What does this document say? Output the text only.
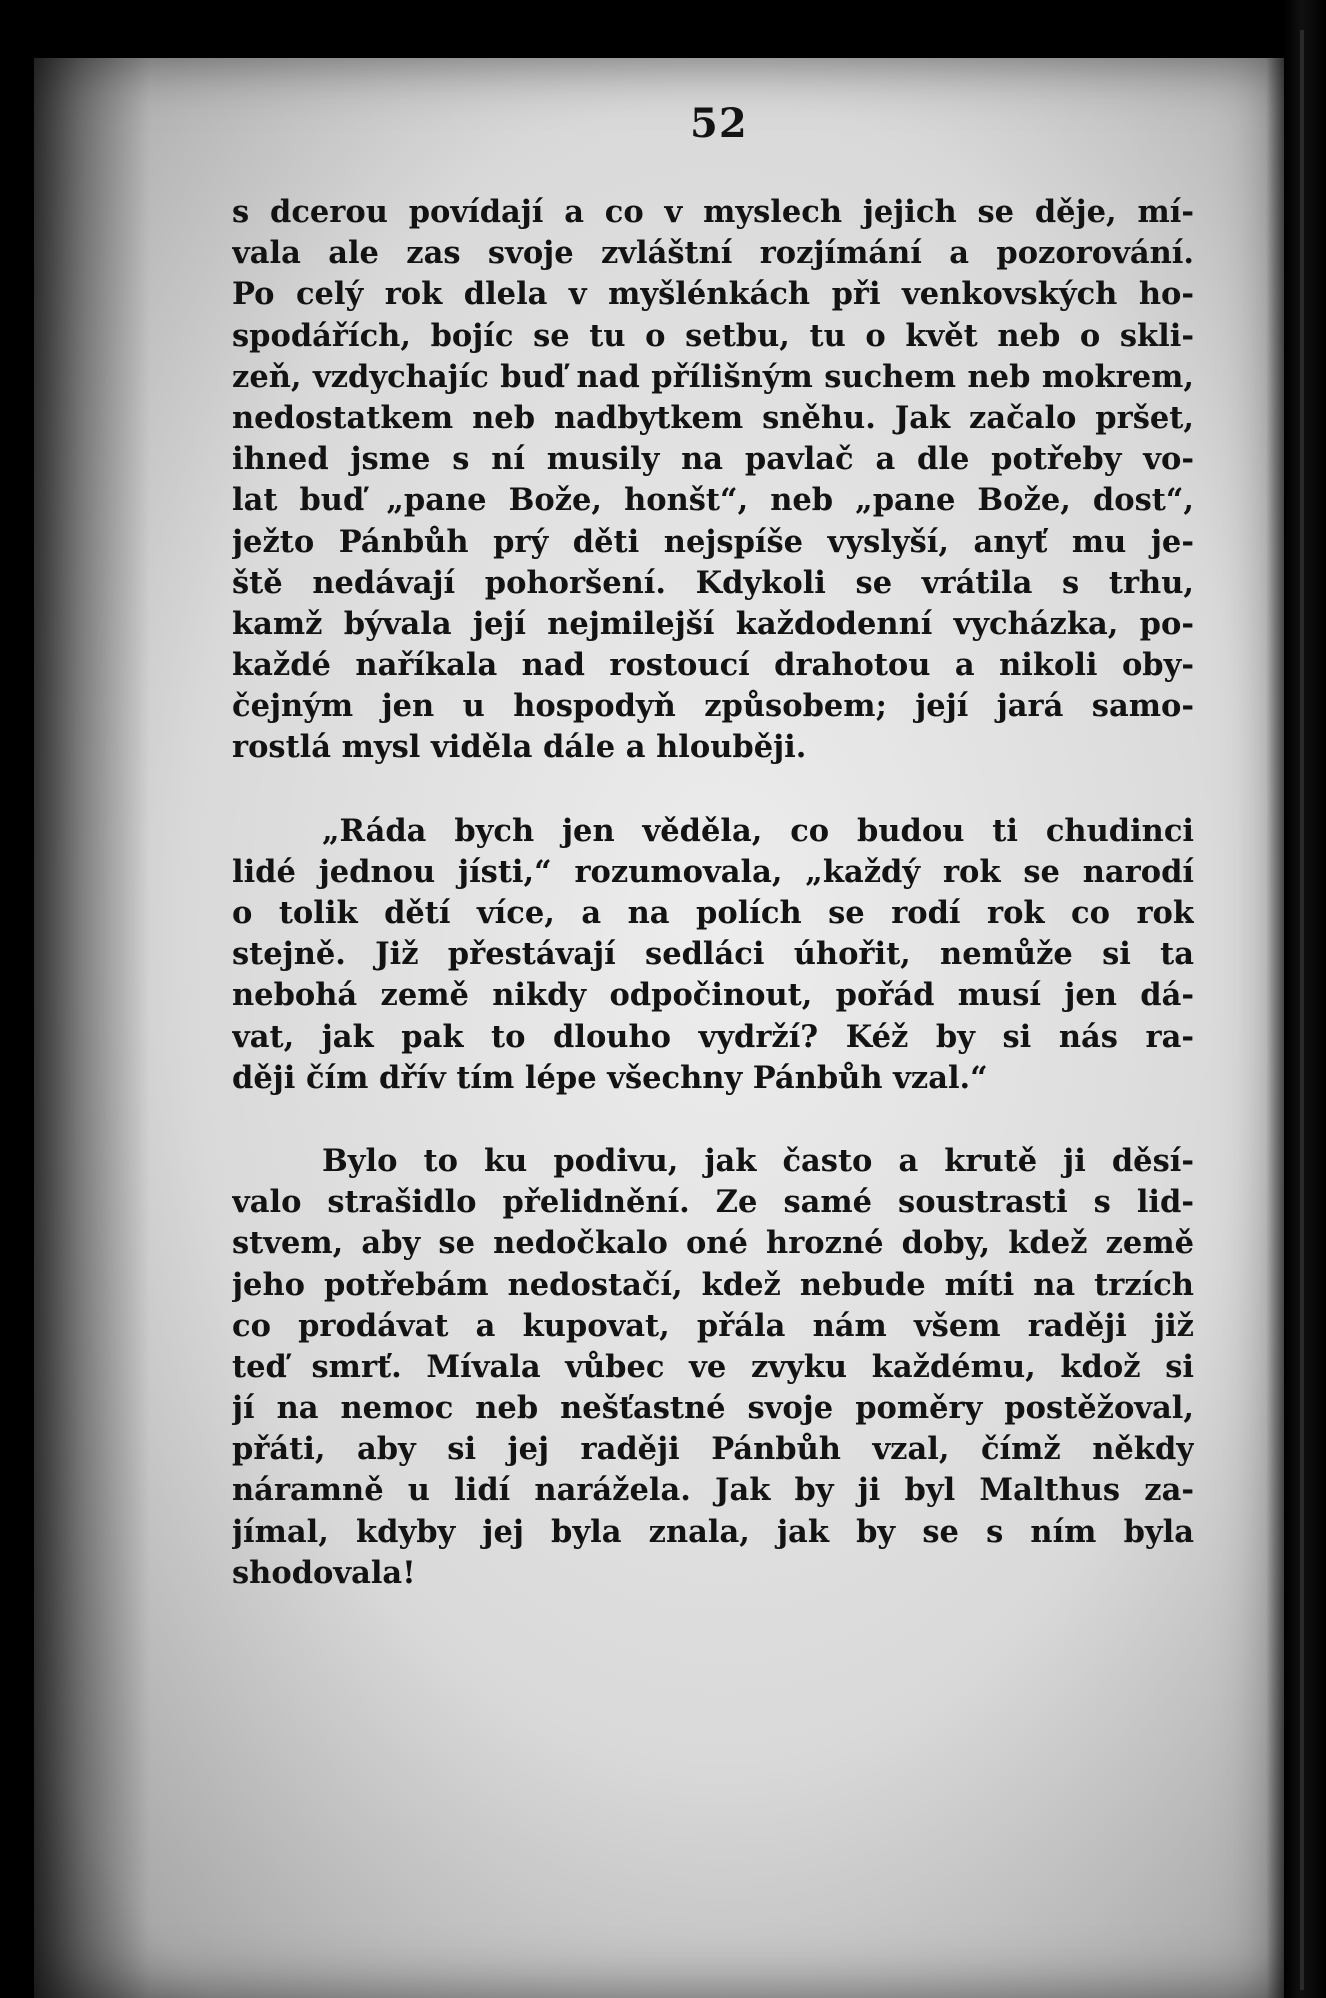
52
s dcerou povídají a co v myslech jejich se děje, mí-
vala ale zas svoje zvláštní rozjímání a pozorování.
Po celý rok dlela v myšlénkách při venkovských ho-
spodářích, bojíc se tu o setbu, tu o květ neb o skli-
zeň, vzdychajíc buď nad přílišným suchem neb mokrem,
nedostatkem neb nadbytkem sněhu. Jak začalo pršet,
ihned jsme s ní musily na pavlač a dle potřeby vo-
lat buď „pane Bože, honšt“, neb „pane Bože, dost“,
ježto Pánbůh prý děti nejspíše vyslyší, anyť mu je-
ště nedávají pohoršení. Kdykoli se vrátila s trhu,
kamž bývala její nejmilejší každodenní vycházka, po-
každé naříkala nad rostoucí drahotou a nikoli oby-
čejným jen u hospodyň způsobem; její jará samo-
rostlá mysl viděla dále a hlouběji.
„Ráda bych jen věděla, co budou ti chudinci
lidé jednou jísti,“ rozumovala, „každý rok se narodí
o tolik dětí více, a na polích se rodí rok co rok
stejně. Již přestávají sedláci úhořit, nemůže si ta
nebohá země nikdy odpočinout, pořád musí jen dá-
vat, jak pak to dlouho vydrží? Kéž by si nás ra-
ději čím dřív tím lépe všechny Pánbůh vzal.“
Bylo to ku podivu, jak často a krutě ji děsí-
valo strašidlo přelidnění. Ze samé soustrasti s lid-
stvem, aby se nedočkalo oné hrozné doby, kdež země
jeho potřebám nedostačí, kdež nebude míti na trzích
co prodávat a kupovat, přála nám všem raději již
teď smrť. Mívala vůbec ve zvyku každému, kdož si
jí na nemoc neb nešťastné svoje poměry postěžoval,
přáti, aby si jej raději Pánbůh vzal, čímž někdy
náramně u lidí narážela. Jak by ji byl Malthus za-
jímal, kdyby jej byla znala, jak by se s ním byla
shodovala!
